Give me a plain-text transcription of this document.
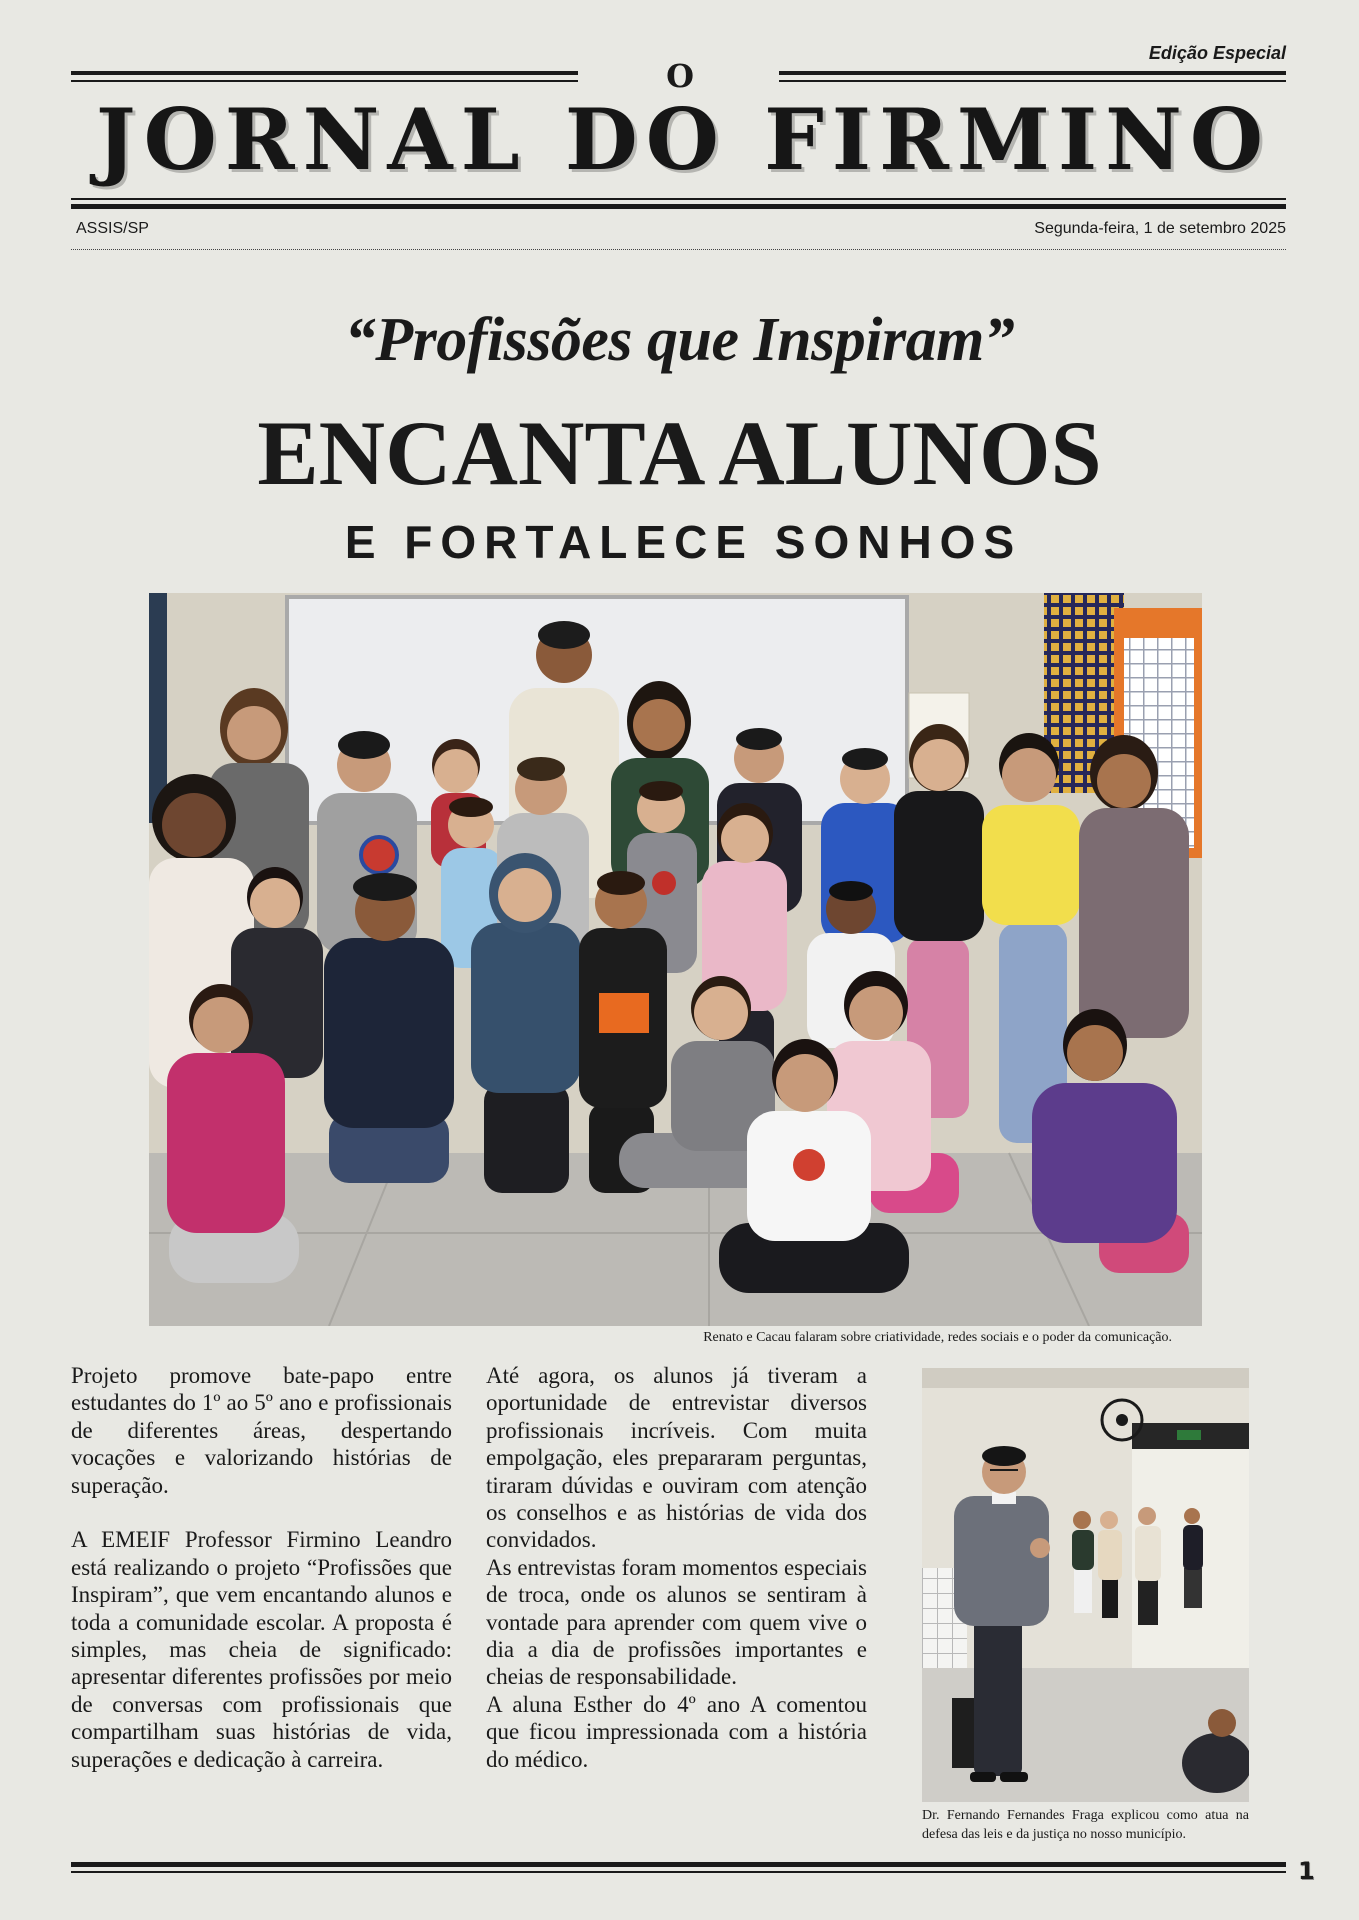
Edição Especial
O
JORNAL DO FIRMINO
ASSIS/SP	Segunda-feira, 1 de setembro 2025
“Profissões que Inspiram”
ENCANTA ALUNOS
E FORTALECE SONHOS
Renato e Cacau falaram sobre criatividade, redes sociais e o poder da comunicação.

Projeto promove bate-papo entre estudantes do 1º ao 5º ano e profissionais de diferentes áreas, despertando vocações e valorizando histórias de superação.

A EMEIF Professor Firmino Leandro está realizando o projeto “Profissões que Inspiram”, que vem encantando alunos e toda a comunidade escolar. A proposta é simples, mas cheia de significado: apresentar diferentes profissões por meio de conversas com profissionais que compartilham suas histórias de vida, superações e dedicação à carreira.

Até agora, os alunos já tiveram a oportunidade de entrevistar diversos profissionais incríveis. Com muita empolgação, eles prepararam perguntas, tiraram dúvidas e ouviram com atenção os conselhos e as histórias de vida dos convidados.

As entrevistas foram momentos especiais de troca, onde os alunos se sentiram à vontade para aprender com quem vive o dia a dia de profissões importantes e cheias de responsabilidade.

A aluna Esther do 4º ano A comentou que ficou impressionada com a história do médico.

Dr. Fernando Fernandes Fraga explicou como atua na defesa das leis e da justiça no nosso município.
1
